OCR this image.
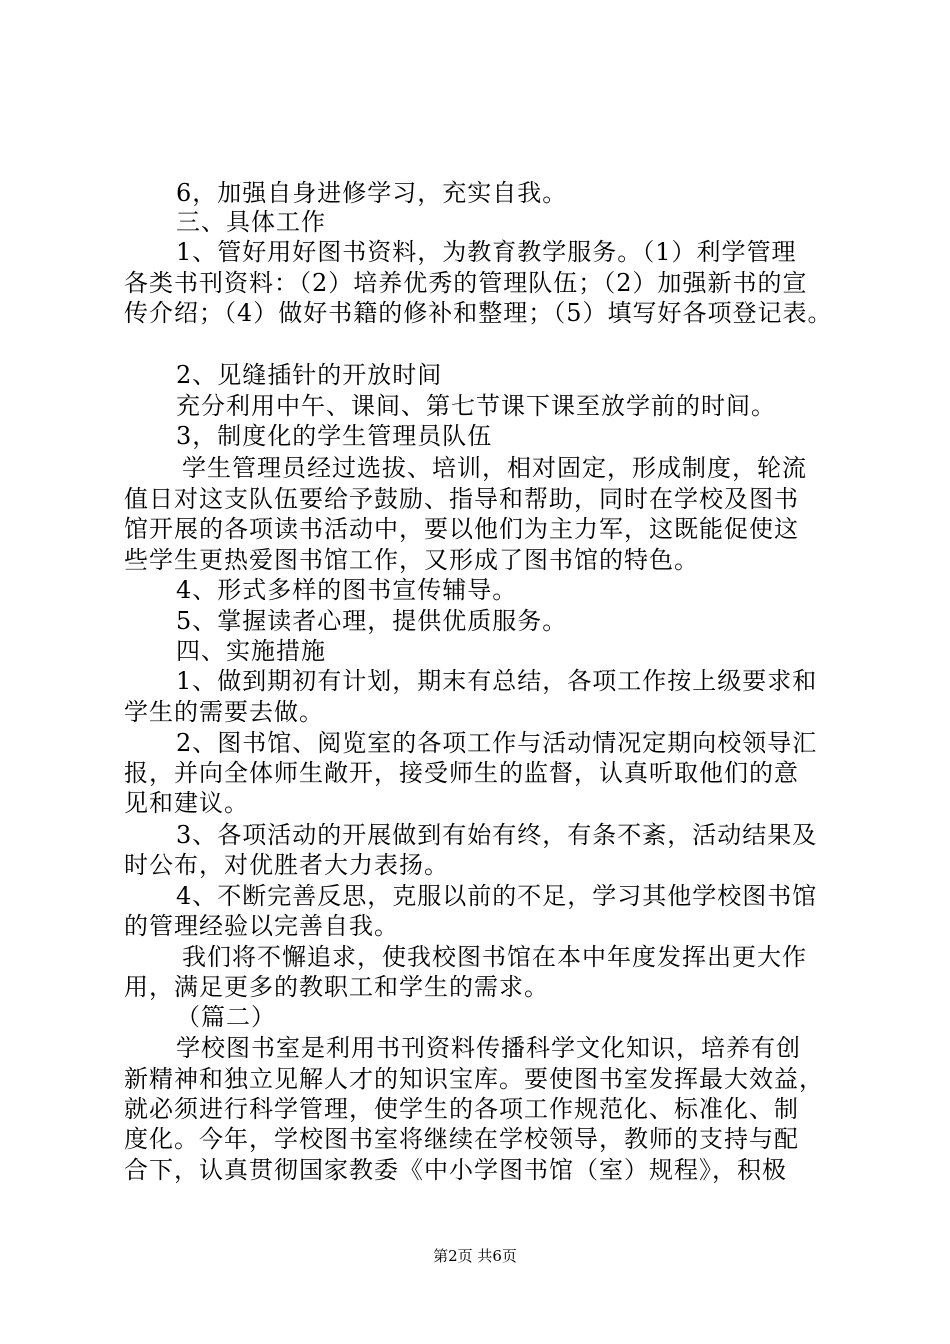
6，加强自身进修学习，充实自我。
三、具体工作
1、管好用好图书资料，为教育教学服务。（1）利学管理
各类书刊资料：（2）培养优秀的管理队伍；（2）加强新书的宣
传介绍；（4）做好书籍的修补和整理；（5）填写好各项登记表。
2、见缝插针的开放时间
充分利用中午、课间、第七节课下课至放学前的时间。
3，制度化的学生管理员队伍
学生管理员经过选拔、培训，相对固定，形成制度，轮流
值日对这支队伍要给予鼓励、指导和帮助，同时在学校及图书
馆开展的各项读书活动中，要以他们为主力军，这既能促使这
些学生更热爱图书馆工作，又形成了图书馆的特色。
4、形式多样的图书宣传辅导。
5、掌握读者心理，提供优质服务。
四、实施措施
1、做到期初有计划，期末有总结，各项工作按上级要求和
学生的需要去做。
2、图书馆、阅览室的各项工作与活动情况定期向校领导汇
报，并向全体师生敞开，接受师生的监督，认真听取他们的意
见和建议。
3、各项活动的开展做到有始有终，有条不紊，活动结果及
时公布，对优胜者大力表扬。
4、不断完善反思，克服以前的不足，学习其他学校图书馆
的管理经验以完善自我。
我们将不懈追求，使我校图书馆在本中年度发挥出更大作
用，满足更多的教职工和学生的需求。
（篇二）
学校图书室是利用书刊资料传播科学文化知识，培养有创
新精神和独立见解人才的知识宝库。要使图书室发挥最大效益，
就必须进行科学管理，使学生的各项工作规范化、标准化、制
度化。今年，学校图书室将继续在学校领导，教师的支持与配
合下，认真贯彻国家教委《中小学图书馆（室）规程》，积极
第2页 共6页
